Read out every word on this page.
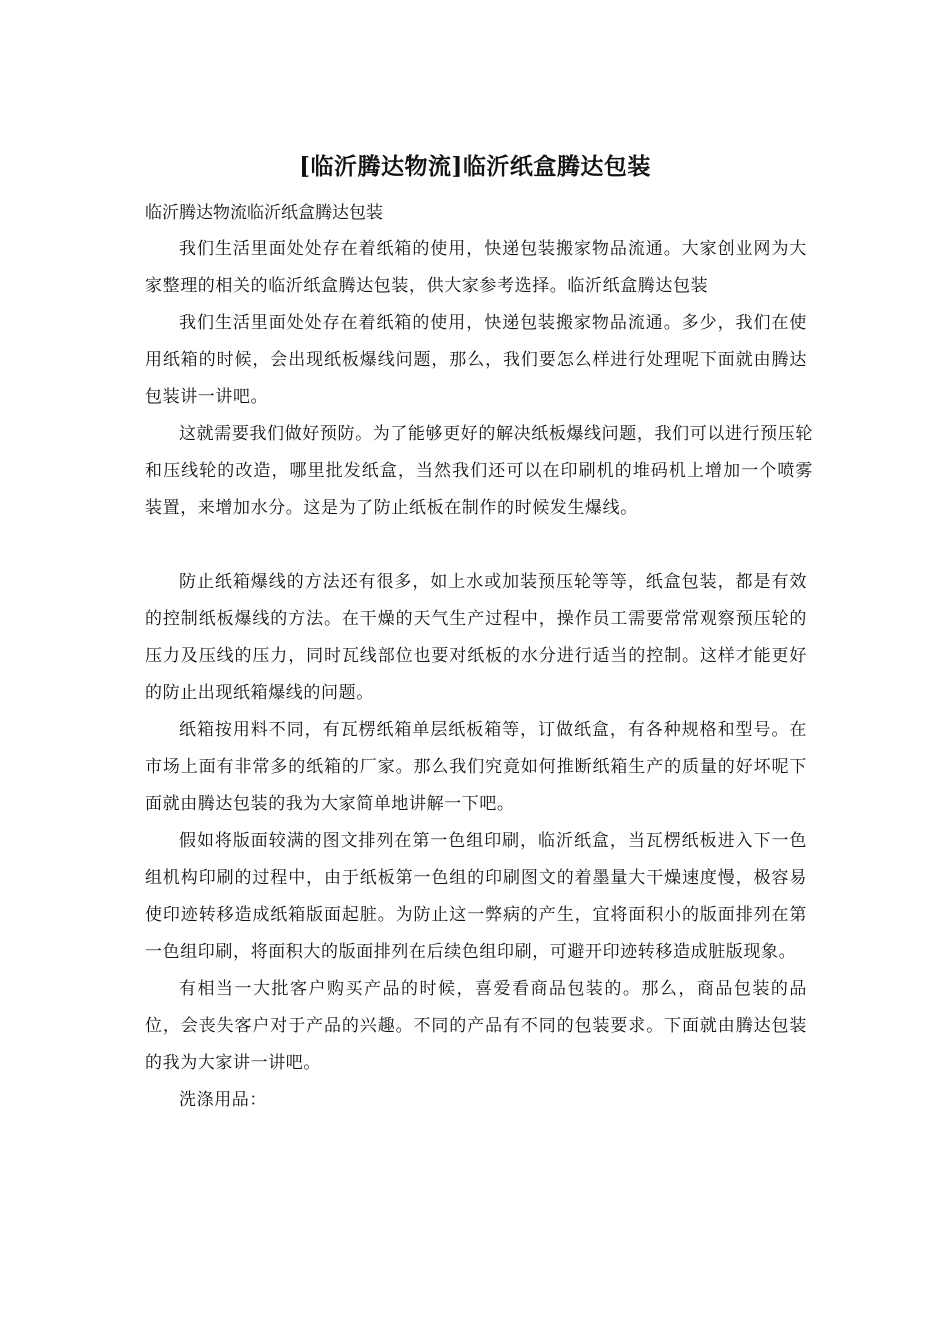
[临沂腾达物流]临沂纸盒腾达包装
临沂腾达物流临沂纸盒腾达包装

我们生活里面处处存在着纸箱的使用，快递包装搬家物品流通。大家创业网为大家整理的相关的临沂纸盒腾达包装，供大家参考选择。临沂纸盒腾达包装

我们生活里面处处存在着纸箱的使用，快递包装搬家物品流通。多少，我们在使用纸箱的时候，会出现纸板爆线问题，那么，我们要怎么样进行处理呢下面就由腾达包装讲一讲吧。

这就需要我们做好预防。为了能够更好的解决纸板爆线问题，我们可以进行预压轮和压线轮的改造，哪里批发纸盒，当然我们还可以在印刷机的堆码机上增加一个喷雾装置，来增加水分。这是为了防止纸板在制作的时候发生爆线。

防止纸箱爆线的方法还有很多，如上水或加装预压轮等等，纸盒包装，都是有效的控制纸板爆线的方法。在干燥的天气生产过程中，操作员工需要常常观察预压轮的压力及压线的压力，同时瓦线部位也要对纸板的水分进行适当的控制。这样才能更好的防止出现纸箱爆线的问题。

纸箱按用料不同，有瓦楞纸箱单层纸板箱等，订做纸盒，有各种规格和型号。在市场上面有非常多的纸箱的厂家。那么我们究竟如何推断纸箱生产的质量的好坏呢下面就由腾达包装的我为大家简单地讲解一下吧。

假如将版面较满的图文排列在第一色组印刷，临沂纸盒，当瓦楞纸板进入下一色组机构印刷的过程中，由于纸板第一色组的印刷图文的着墨量大干燥速度慢，极容易使印迹转移造成纸箱版面起脏。为防止这一弊病的产生，宜将面积小的版面排列在第一色组印刷，将面积大的版面排列在后续色组印刷，可避开印迹转移造成脏版现象。

有相当一大批客户购买产品的时候，喜爱看商品包装的。那么，商品包装的品位，会丧失客户对于产品的兴趣。不同的产品有不同的包装要求。下面就由腾达包装的我为大家讲一讲吧。

洗涤用品：
